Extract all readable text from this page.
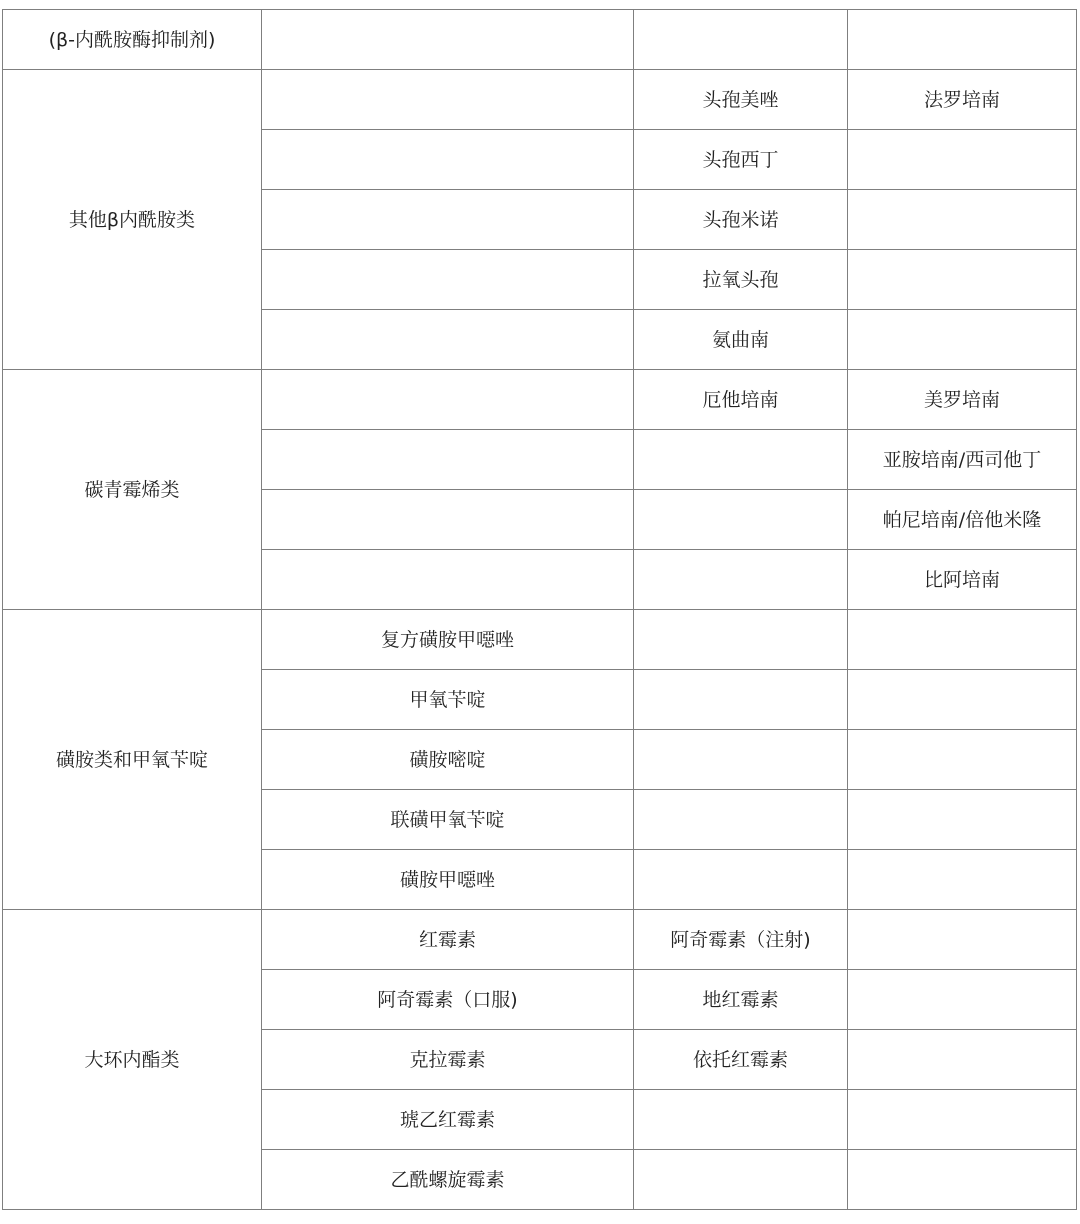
(β-内酰胺酶抑制剂)			
其他β内酰胺类		头孢美唑	法罗培南
		头孢西丁	
		头孢米诺	
		拉氧头孢	
		氨曲南	
碳青霉烯类		厄他培南	美罗培南
			亚胺培南/西司他丁
			帕尼培南/倍他米隆
			比阿培南
磺胺类和甲氧苄啶	复方磺胺甲噁唑		
	甲氧苄啶		
	磺胺嘧啶		
	联磺甲氧苄啶		
	磺胺甲噁唑		
大环内酯类	红霉素	阿奇霉素（注射)	
	阿奇霉素（口服)	地红霉素	
	克拉霉素	依托红霉素	
	琥乙红霉素		
	乙酰螺旋霉素		
